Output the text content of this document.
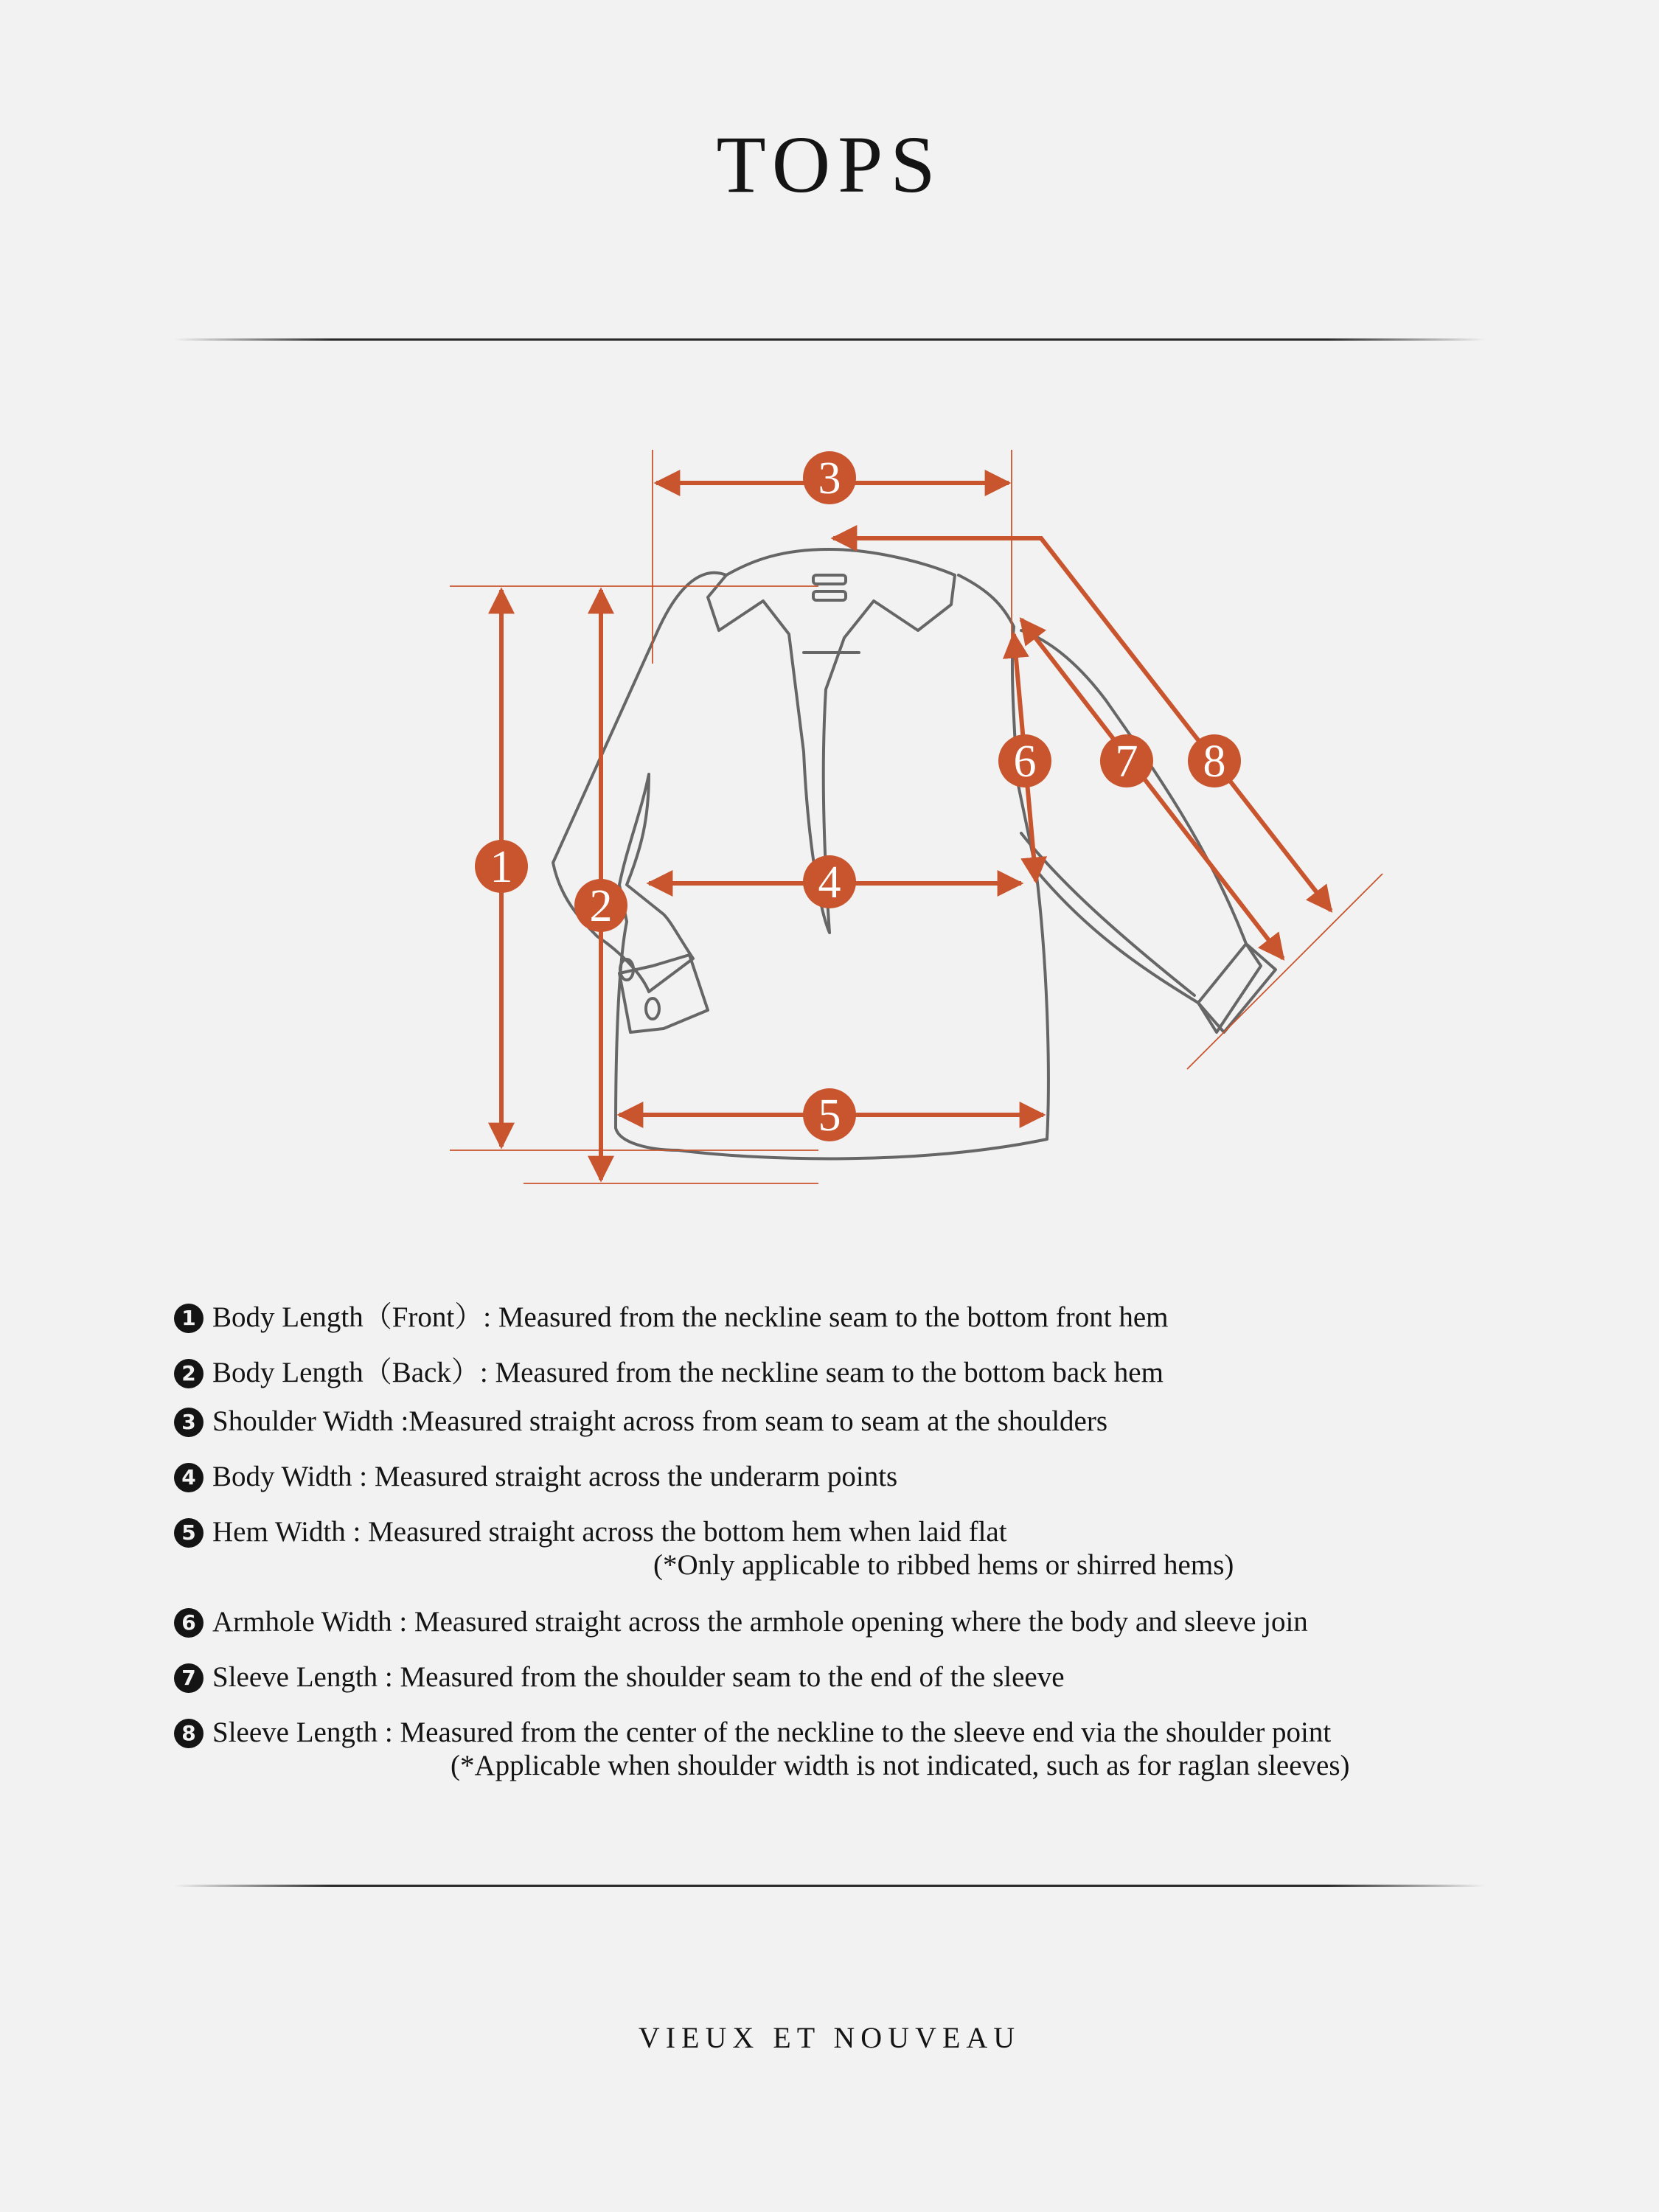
TOPS
1
2
3
4
5
6 7 8
1 Body Length（Front）: Measured from the neckline seam to the bottom front hem
2 Body Length（Back）: Measured from the neckline seam to the bottom back hem
3 Shoulder Width :Measured straight across from seam to seam at the shoulders
4 Body Width : Measured straight across the underarm points
5 Hem Width : Measured straight across the bottom hem when laid flat
(*Only applicable to ribbed hems or shirred hems)
6 Armhole Width : Measured straight across the armhole opening where the body and sleeve join
7 Sleeve Length : Measured from the shoulder seam to the end of the sleeve
8 Sleeve Length : Measured from the center of the neckline to the sleeve end via the shoulder point
(*Applicable when shoulder width is not indicated, such as for raglan sleeves)
VIEUX ET NOUVEAU
